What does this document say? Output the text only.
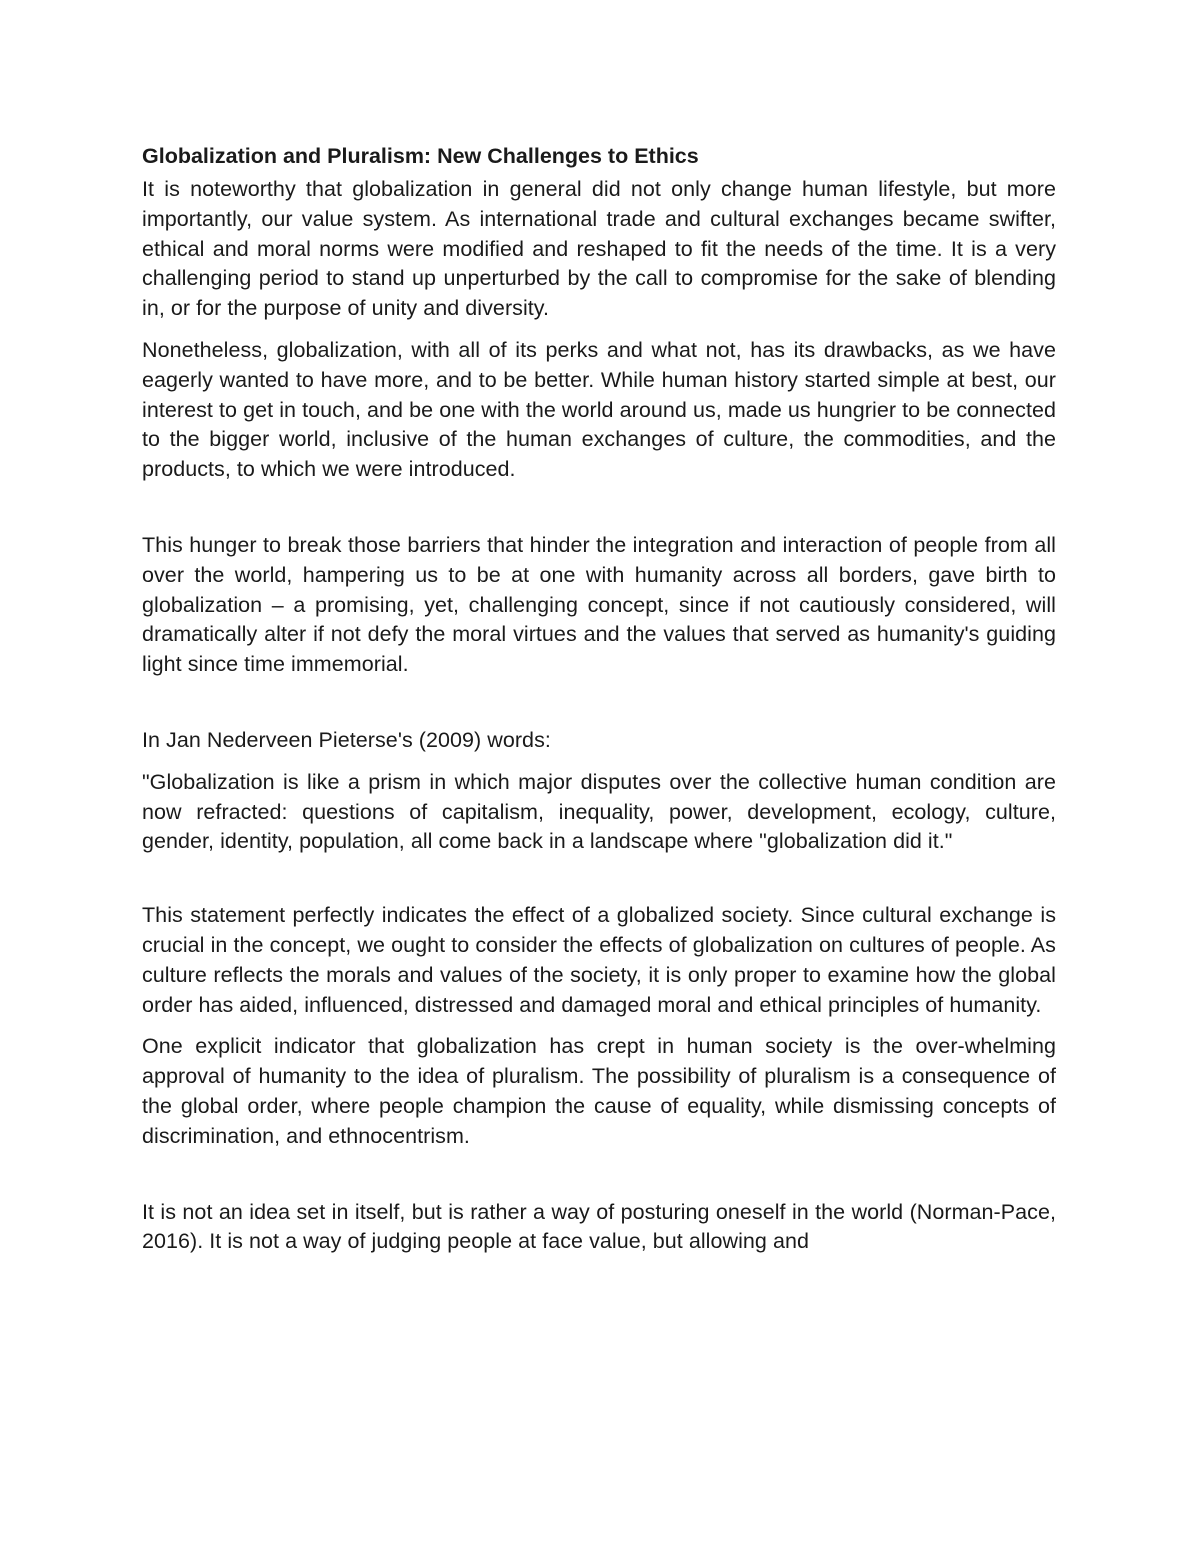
Globalization and Pluralism: New Challenges to Ethics

It is noteworthy that globalization in general did not only change human lifestyle, but more importantly, our value system. As international trade and cultural exchanges became swifter, ethical and moral norms were modified and reshaped to fit the needs of the time. It is a very challenging period to stand up unperturbed by the call to compromise for the sake of blending in, or for the purpose of unity and diversity.

Nonetheless, globalization, with all of its perks and what not, has its drawbacks, as we have eagerly wanted to have more, and to be better. While human history started simple at best, our interest to get in touch, and be one with the world around us, made us hungrier to be connected to the bigger world, inclusive of the human exchanges of culture, the commodities, and the products, to which we were introduced.

This hunger to break those barriers that hinder the integration and interaction of people from all over the world, hampering us to be at one with humanity across all borders, gave birth to globalization – a promising, yet, challenging concept, since if not cautiously considered, will dramatically alter if not defy the moral virtues and the values that served as humanity's guiding light since time immemorial.

In Jan Nederveen Pieterse's (2009) words:

"Globalization is like a prism in which major disputes over the collective human condition are now refracted: questions of capitalism, inequality, power, development, ecology, culture, gender, identity, population, all come back in a landscape where "globalization did it."

This statement perfectly indicates the effect of a globalized society. Since cultural exchange is crucial in the concept, we ought to consider the effects of globalization on cultures of people. As culture reflects the morals and values of the society, it is only proper to examine how the global order has aided, influenced, distressed and damaged moral and ethical principles of humanity.

One explicit indicator that globalization has crept in human society is the over-whelming approval of humanity to the idea of pluralism. The possibility of pluralism is a consequence of the global order, where people champion the cause of equality, while dismissing concepts of discrimination, and ethnocentrism.

It is not an idea set in itself, but is rather a way of posturing oneself in the world (Norman-Pace, 2016). It is not a way of judging people at face value, but allowing and
